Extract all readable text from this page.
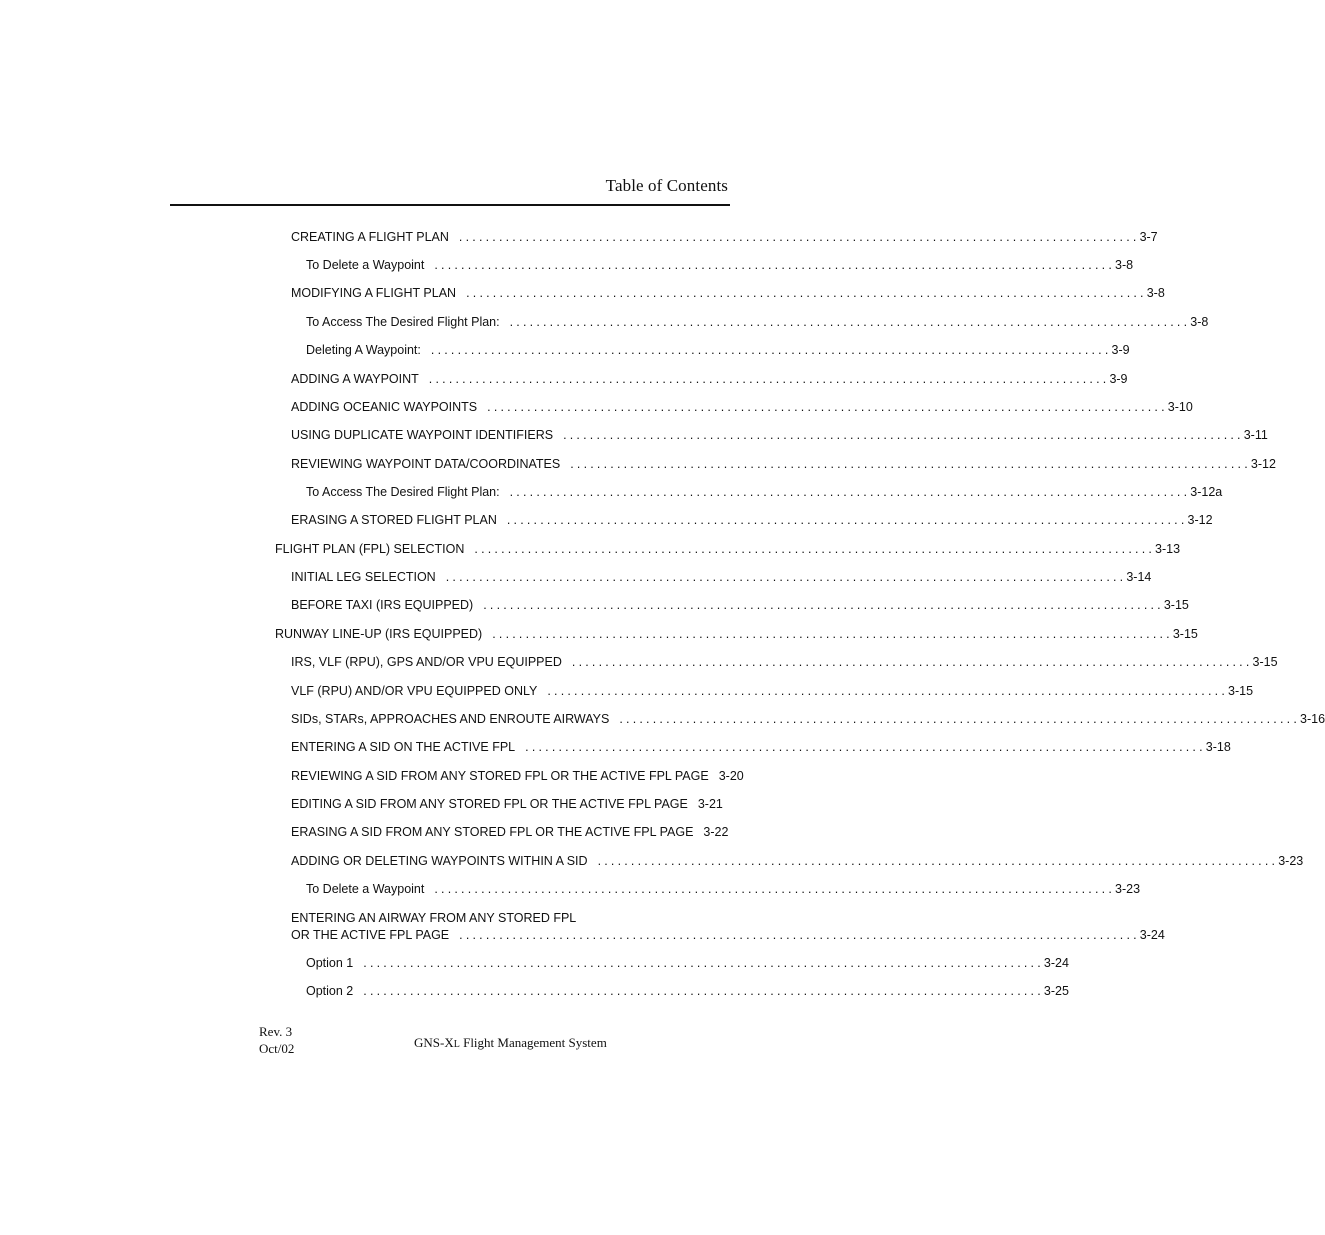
Table of Contents
CREATING A FLIGHT PLAN ...................................................................................................... 3-7
To Delete a Waypoint ...................................................................................................... 3-8
MODIFYING A FLIGHT PLAN ...................................................................................................... 3-8
To Access The Desired Flight Plan: ...................................................................................................... 3-8
Deleting A Waypoint: ...................................................................................................... 3-9
ADDING A WAYPOINT ...................................................................................................... 3-9
ADDING OCEANIC WAYPOINTS ...................................................................................................... 3-10
USING DUPLICATE WAYPOINT IDENTIFIERS ...................................................................................................... 3-11
REVIEWING WAYPOINT DATA/COORDINATES ...................................................................................................... 3-12
To Access The Desired Flight Plan: ...................................................................................................... 3-12a
ERASING A STORED FLIGHT PLAN ...................................................................................................... 3-12
FLIGHT PLAN (FPL) SELECTION ...................................................................................................... 3-13
INITIAL LEG SELECTION ...................................................................................................... 3-14
BEFORE TAXI (IRS EQUIPPED) ...................................................................................................... 3-15
RUNWAY LINE-UP (IRS EQUIPPED) ...................................................................................................... 3-15
IRS, VLF (RPU), GPS AND/OR VPU EQUIPPED ...................................................................................................... 3-15
VLF (RPU) AND/OR VPU EQUIPPED ONLY ...................................................................................................... 3-15
SIDs, STARs, APPROACHES AND ENROUTE AIRWAYS ...................................................................................................... 3-16
ENTERING A SID ON THE ACTIVE FPL ...................................................................................................... 3-18
REVIEWING A SID FROM ANY STORED FPL OR THE ACTIVE FPL PAGE 3-20
EDITING A SID FROM ANY STORED FPL OR THE ACTIVE FPL PAGE 3-21
ERASING A SID FROM ANY STORED FPL OR THE ACTIVE FPL PAGE 3-22
ADDING OR DELETING WAYPOINTS WITHIN A SID ...................................................................................................... 3-23
To Delete a Waypoint ...................................................................................................... 3-23
ENTERING AN AIRWAY FROM ANY STORED FPL
OR THE ACTIVE FPL PAGE ...................................................................................................... 3-24
Option 1 ...................................................................................................... 3-24
Option 2 ...................................................................................................... 3-25
Rev. 3
Oct/02	GNS-XL Flight Management System
